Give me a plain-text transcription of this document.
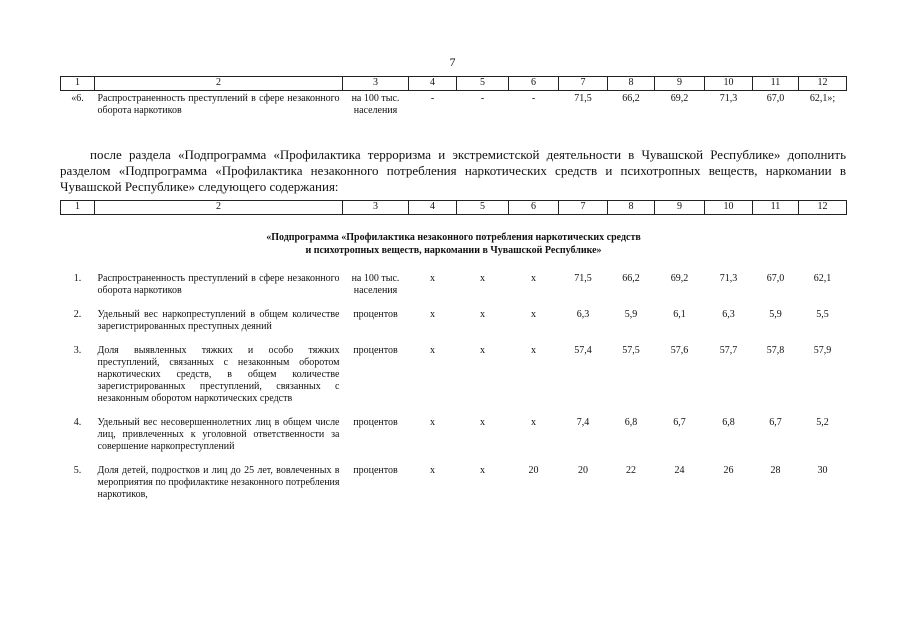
7
1	2	3	4	5	6	7	8	9	10	11	12
«6.	Распространенность преступлений в сфере незаконного оборота наркотиков	на 100 тыс. населения	-	-	-	71,5	66,2	69,2	71,3	67,0	62,1»;

после раздела «Подпрограмма «Профилактика терроризма и экстремистской деятельности в Чувашской Республике» дополнить разделом «Подпрограмма «Профилактика незаконного потребления наркотических средств и психотропных веществ, наркомании в Чувашской Республике» следующего содержания:

1	2	3	4	5	6	7	8	9	10	11	12
«Подпрограмма «Профилактика незаконного потребления наркотических средств
и психотропных веществ, наркомании в Чувашской Республике»											
1.	Распространенность преступлений в сфере незаконного оборота наркотиков	на 100 тыс. населения	х	х	х	71,5	66,2	69,2	71,3	67,0	62,1
2.	Удельный вес наркопреступлений в общем количестве зарегистрированных преступных деяний	процентов	х	х	х	6,3	5,9	6,1	6,3	5,9	5,5
3.	Доля выявленных тяжких и особо тяжких преступлений, связанных с незаконным оборотом наркотических средств, в общем количестве зарегистрированных преступлений, связанных с незаконным оборотом наркотических средств	процентов	х	х	х	57,4	57,5	57,6	57,7	57,8	57,9
4.	Удельный вес несовершеннолетних лиц в общем числе лиц, привлеченных к уголовной ответственности за совершение наркопреступлений	процентов	х	х	х	7,4	6,8	6,7	6,8	6,7	5,2
5.	Доля детей, подростков и лиц до 25 лет, вовлеченных в мероприятия по профилактике незаконного потребления наркотиков,	процентов	х	х	20	20	22	24	26	28	30
